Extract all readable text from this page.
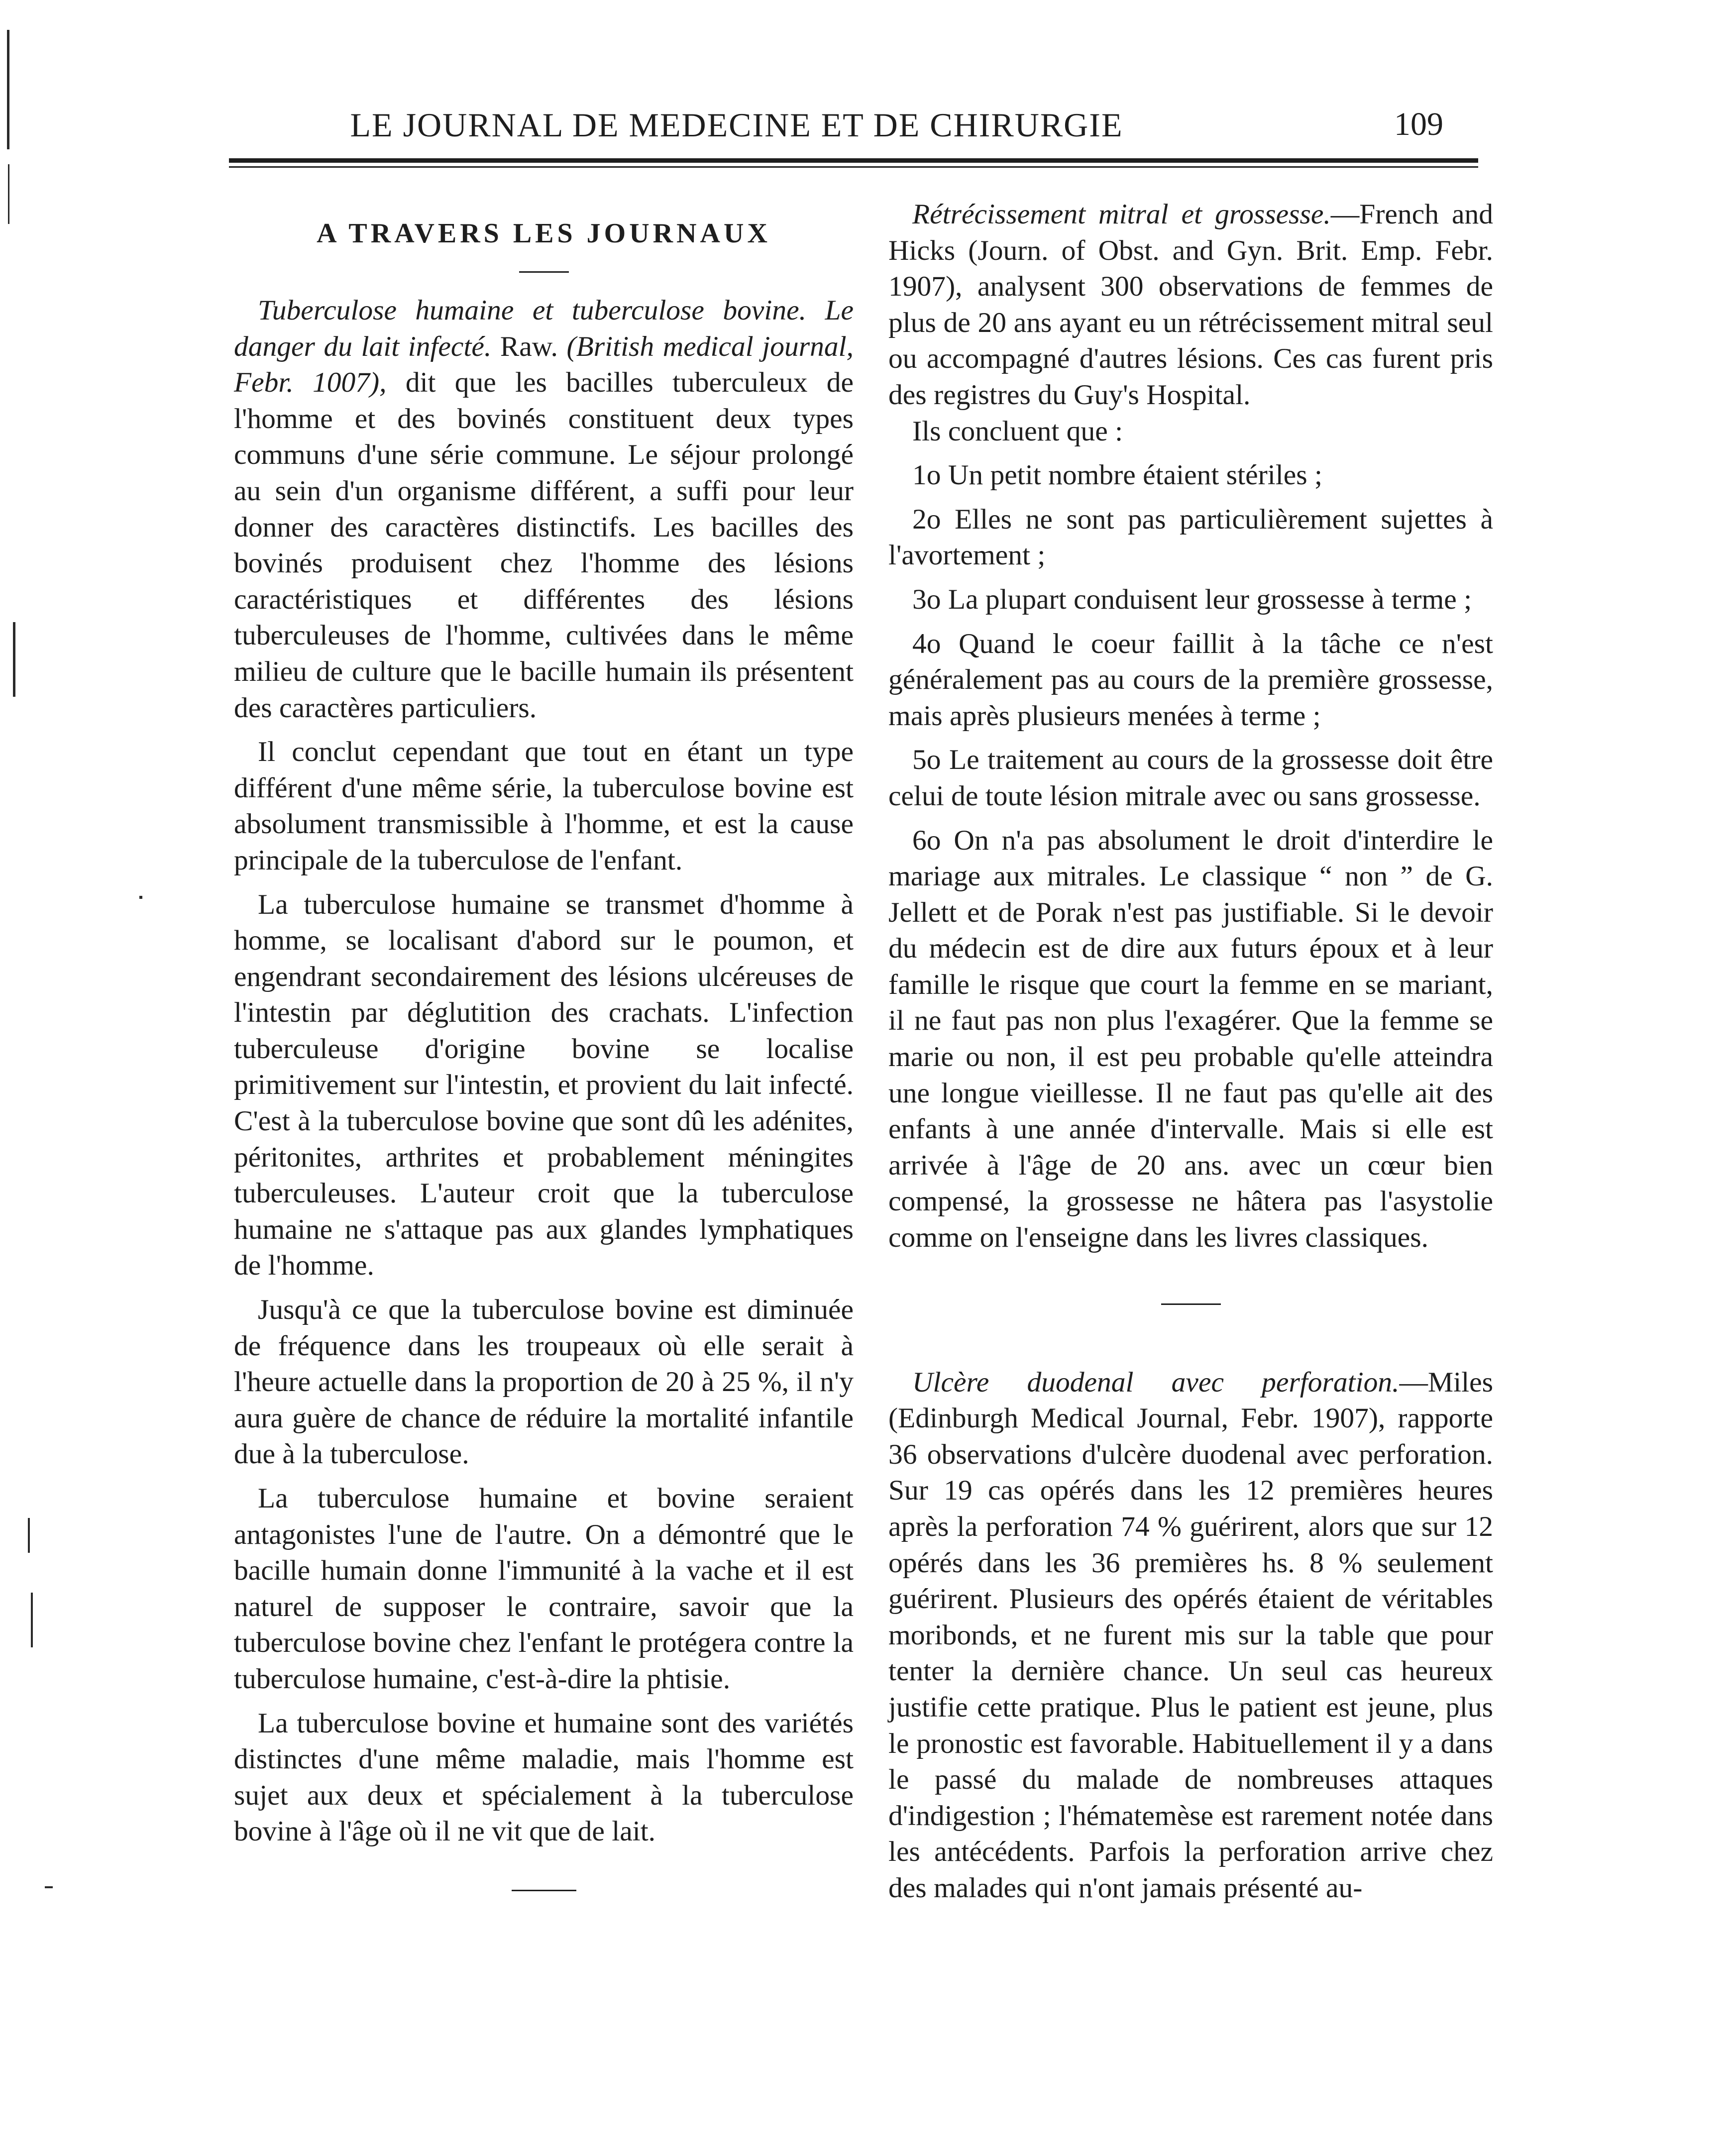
LE JOURNAL DE MEDECINE ET DE CHIRURGIE	109
A TRAVERS LES JOURNAUX

Tuberculose humaine et tuberculose bovine. Le danger du lait infecté. Raw. (British medical journal, Febr. 1007), dit que les bacilles tuberculeux de l'homme et des bovinés constituent deux types communs d'une série commune. Le séjour prolongé au sein d'un organisme différent, a suffi pour leur donner des caractères distinctifs. Les bacilles des bovinés produisent chez l'homme des lésions caractéristiques et différentes des lésions tuberculeuses de l'homme, cultivées dans le même milieu de culture que le bacille humain ils présentent des caractères particuliers.

Il conclut cependant que tout en étant un type différent d'une même série, la tuberculose bovine est absolument transmissible à l'homme, et est la cause principale de la tuberculose de l'enfant.

La tuberculose humaine se transmet d'homme à homme, se localisant d'abord sur le poumon, et engendrant secondairement des lésions ulcéreuses de l'intestin par déglutition des crachats. L'infection tuberculeuse d'origine bovine se localise primitivement sur l'intestin, et provient du lait infecté. C'est à la tuberculose bovine que sont dû les adénites, péritonites, arthrites et probablement méningites tuberculeuses. L'auteur croit que la tuberculose humaine ne s'attaque pas aux glandes lymphatiques de l'homme.

Jusqu'à ce que la tuberculose bovine est diminuée de fréquence dans les troupeaux où elle serait à l'heure actuelle dans la proportion de 20 à 25 %, il n'y aura guère de chance de réduire la mortalité infantile due à la tuberculose.

La tuberculose humaine et bovine seraient antagonistes l'une de l'autre. On a démontré que le bacille humain donne l'immunité à la vache et il est naturel de supposer le contraire, savoir que la tuberculose bovine chez l'enfant le protégera contre la tuberculose humaine, c'est-à-dire la phtisie.

La tuberculose bovine et humaine sont des variétés distinctes d'une même maladie, mais l'homme est sujet aux deux et spécialement à la tuberculose bovine à l'âge où il ne vit que de lait.

Rétrécissement mitral et grossesse.—French and Hicks (Journ. of Obst. and Gyn. Brit. Emp. Febr. 1907), analysent 300 observations de femmes de plus de 20 ans ayant eu un rétrécissement mitral seul ou accompagné d'autres lésions. Ces cas furent pris des registres du Guy's Hospital.

Ils concluent que :

1o Un petit nombre étaient stériles ;

2o Elles ne sont pas particulièrement sujettes à l'avortement ;

3o La plupart conduisent leur grossesse à terme ;

4o Quand le coeur faillit à la tâche ce n'est généralement pas au cours de la première grossesse, mais après plusieurs menées à terme ;

5o Le traitement au cours de la grossesse doit être celui de toute lésion mitrale avec ou sans grossesse.

6o On n'a pas absolument le droit d'interdire le mariage aux mitrales. Le classique “ non ” de G. Jellett et de Porak n'est pas justifiable. Si le devoir du médecin est de dire aux futurs époux et à leur famille le risque que court la femme en se mariant, il ne faut pas non plus l'exagérer. Que la femme se marie ou non, il est peu probable qu'elle atteindra une longue vieillesse. Il ne faut pas qu'elle ait des enfants à une année d'intervalle. Mais si elle est arrivée à l'âge de 20 ans. avec un cœur bien compensé, la grossesse ne hâtera pas l'asystolie comme on l'enseigne dans les livres classiques.

Ulcère duodenal avec perforation.—Miles (Edinburgh Medical Journal, Febr. 1907), rapporte 36 observations d'ulcère duodenal avec perforation. Sur 19 cas opérés dans les 12 premières heures après la perforation 74 % guérirent, alors que sur 12 opérés dans les 36 premières hs. 8 % seulement guérirent. Plusieurs des opérés étaient de véritables moribonds, et ne furent mis sur la table que pour tenter la dernière chance. Un seul cas heureux justifie cette pratique. Plus le patient est jeune, plus le pronostic est favorable. Habituellement il y a dans le passé du malade de nombreuses attaques d'indigestion ; l'hématemèse est rarement notée dans les antécédents. Parfois la perforation arrive chez des malades qui n'ont jamais présenté au-
